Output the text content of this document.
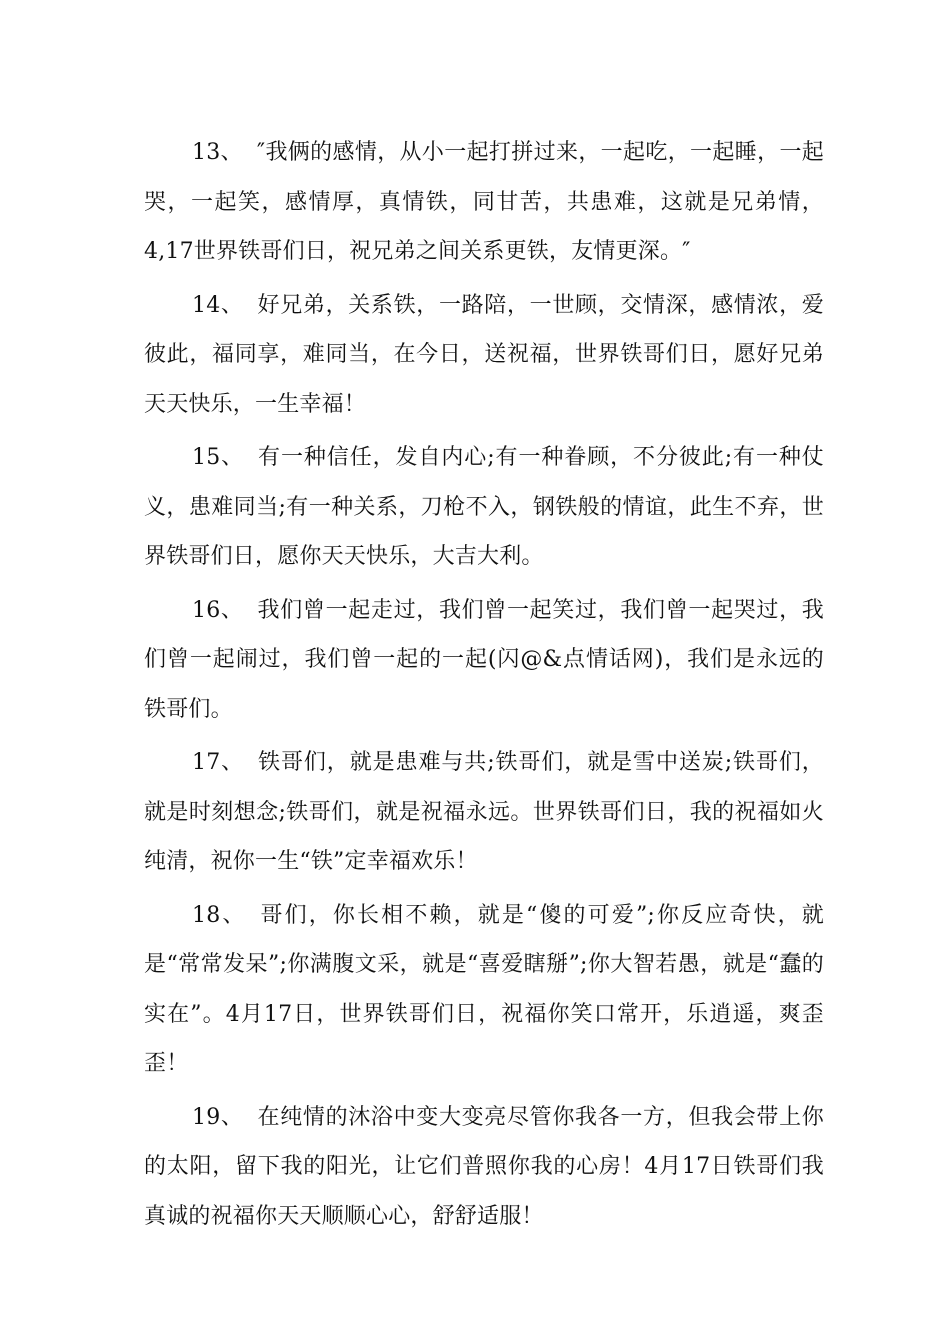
13、 ″我俩的感情，从小一起打拼过来，一起吃，一起睡，一起哭，一起笑，感情厚，真情铁，同甘苦，共患难，这就是兄弟情，4,17世界铁哥们日，祝兄弟之间关系更铁，友情更深。″

14、 好兄弟，关系铁，一路陪，一世顾，交情深，感情浓，爱彼此，福同享，难同当，在今日，送祝福，世界铁哥们日，愿好兄弟天天快乐，一生幸福！

15、 有一种信任，发自内心;有一种眷顾，不分彼此;有一种仗义，患难同当;有一种关系，刀枪不入，钢铁般的情谊，此生不弃，世界铁哥们日，愿你天天快乐，大吉大利。

16、 我们曾一起走过，我们曾一起笑过，我们曾一起哭过，我们曾一起闹过，我们曾一起的一起(闪@&点情话网)，我们是永远的铁哥们。

17、 铁哥们，就是患难与共;铁哥们，就是雪中送炭;铁哥们，就是时刻想念;铁哥们，就是祝福永远。世界铁哥们日，我的祝福如火纯清，祝你一生“铁”定幸福欢乐！

18、 哥们，你长相不赖，就是“傻的可爱”;你反应奇快，就是“常常发呆”;你满腹文采，就是“喜爱瞎掰”;你大智若愚，就是“蠢的实在”。4月17日，世界铁哥们日，祝福你笑口常开，乐逍遥，爽歪歪！

19、 在纯情的沐浴中变大变亮尽管你我各一方，但我会带上你的太阳，留下我的阳光，让它们普照你我的心房！4月17日铁哥们我真诚的祝福你天天顺顺心心，舒舒适服！
